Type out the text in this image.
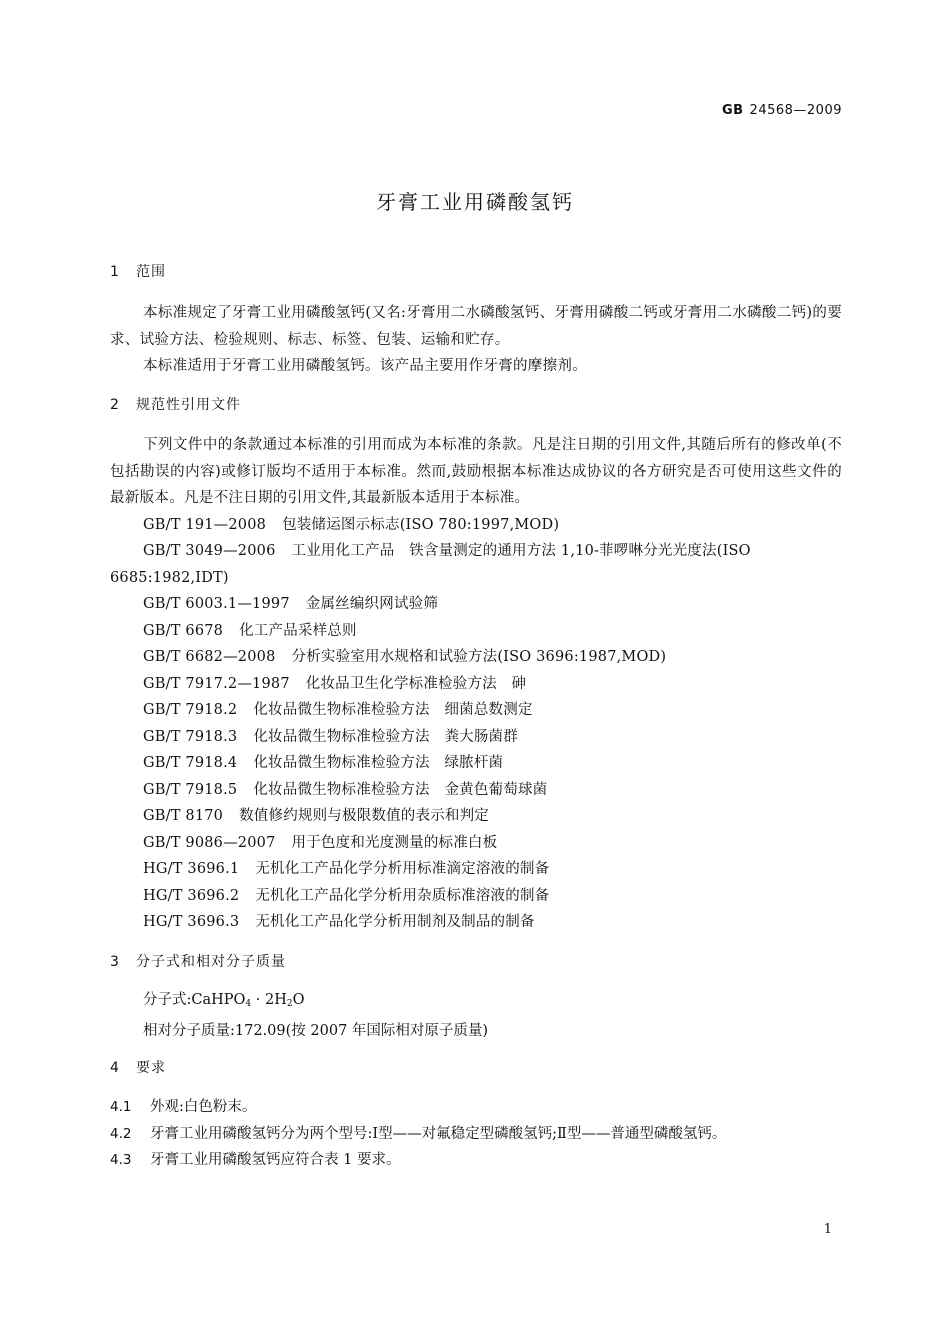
GB 24568—2009
牙膏工业用磷酸氢钙
1 范围
本标准规定了牙膏工业用磷酸氢钙(又名:牙膏用二水磷酸氢钙、牙膏用磷酸二钙或牙膏用二水磷酸二钙)的要求、试验方法、检验规则、标志、标签、包装、运输和贮存。
本标准适用于牙膏工业用磷酸氢钙。该产品主要用作牙膏的摩擦剂。
2 规范性引用文件
下列文件中的条款通过本标准的引用而成为本标准的条款。凡是注日期的引用文件,其随后所有的修改单(不包括勘误的内容)或修订版均不适用于本标准。然而,鼓励根据本标准达成协议的各方研究是否可使用这些文件的最新版本。凡是不注日期的引用文件,其最新版本适用于本标准。
GB/T 191—2008 包装储运图示标志(ISO 780:1997,MOD)
GB/T 3049—2006 工业用化工产品　铁含量测定的通用方法 1,10-菲啰啉分光光度法(ISO 6685:1982,IDT)
GB/T 6003.1—1997 金属丝编织网试验筛
GB/T 6678 化工产品采样总则
GB/T 6682—2008 分析实验室用水规格和试验方法(ISO 3696:1987,MOD)
GB/T 7917.2—1987 化妆品卫生化学标准检验方法　砷
GB/T 7918.2 化妆品微生物标准检验方法　细菌总数测定
GB/T 7918.3 化妆品微生物标准检验方法　粪大肠菌群
GB/T 7918.4 化妆品微生物标准检验方法　绿脓杆菌
GB/T 7918.5 化妆品微生物标准检验方法　金黄色葡萄球菌
GB/T 8170 数值修约规则与极限数值的表示和判定
GB/T 9086—2007 用于色度和光度测量的标准白板
HG/T 3696.1 无机化工产品化学分析用标准滴定溶液的制备
HG/T 3696.2 无机化工产品化学分析用杂质标准溶液的制备
HG/T 3696.3 无机化工产品化学分析用制剂及制品的制备
3 分子式和相对分子质量
分子式:CaHPO$_4$ · $2H_2O$
相对分子质量:172.09(按 2007 年国际相对原子质量)
4 要求
4.1 外观:白色粉末。
4.2 牙膏工业用磷酸氢钙分为两个型号:Ⅰ型——对氟稳定型磷酸氢钙;Ⅱ型——普通型磷酸氢钙。
4.3 牙膏工业用磷酸氢钙应符合表 1 要求。
1
